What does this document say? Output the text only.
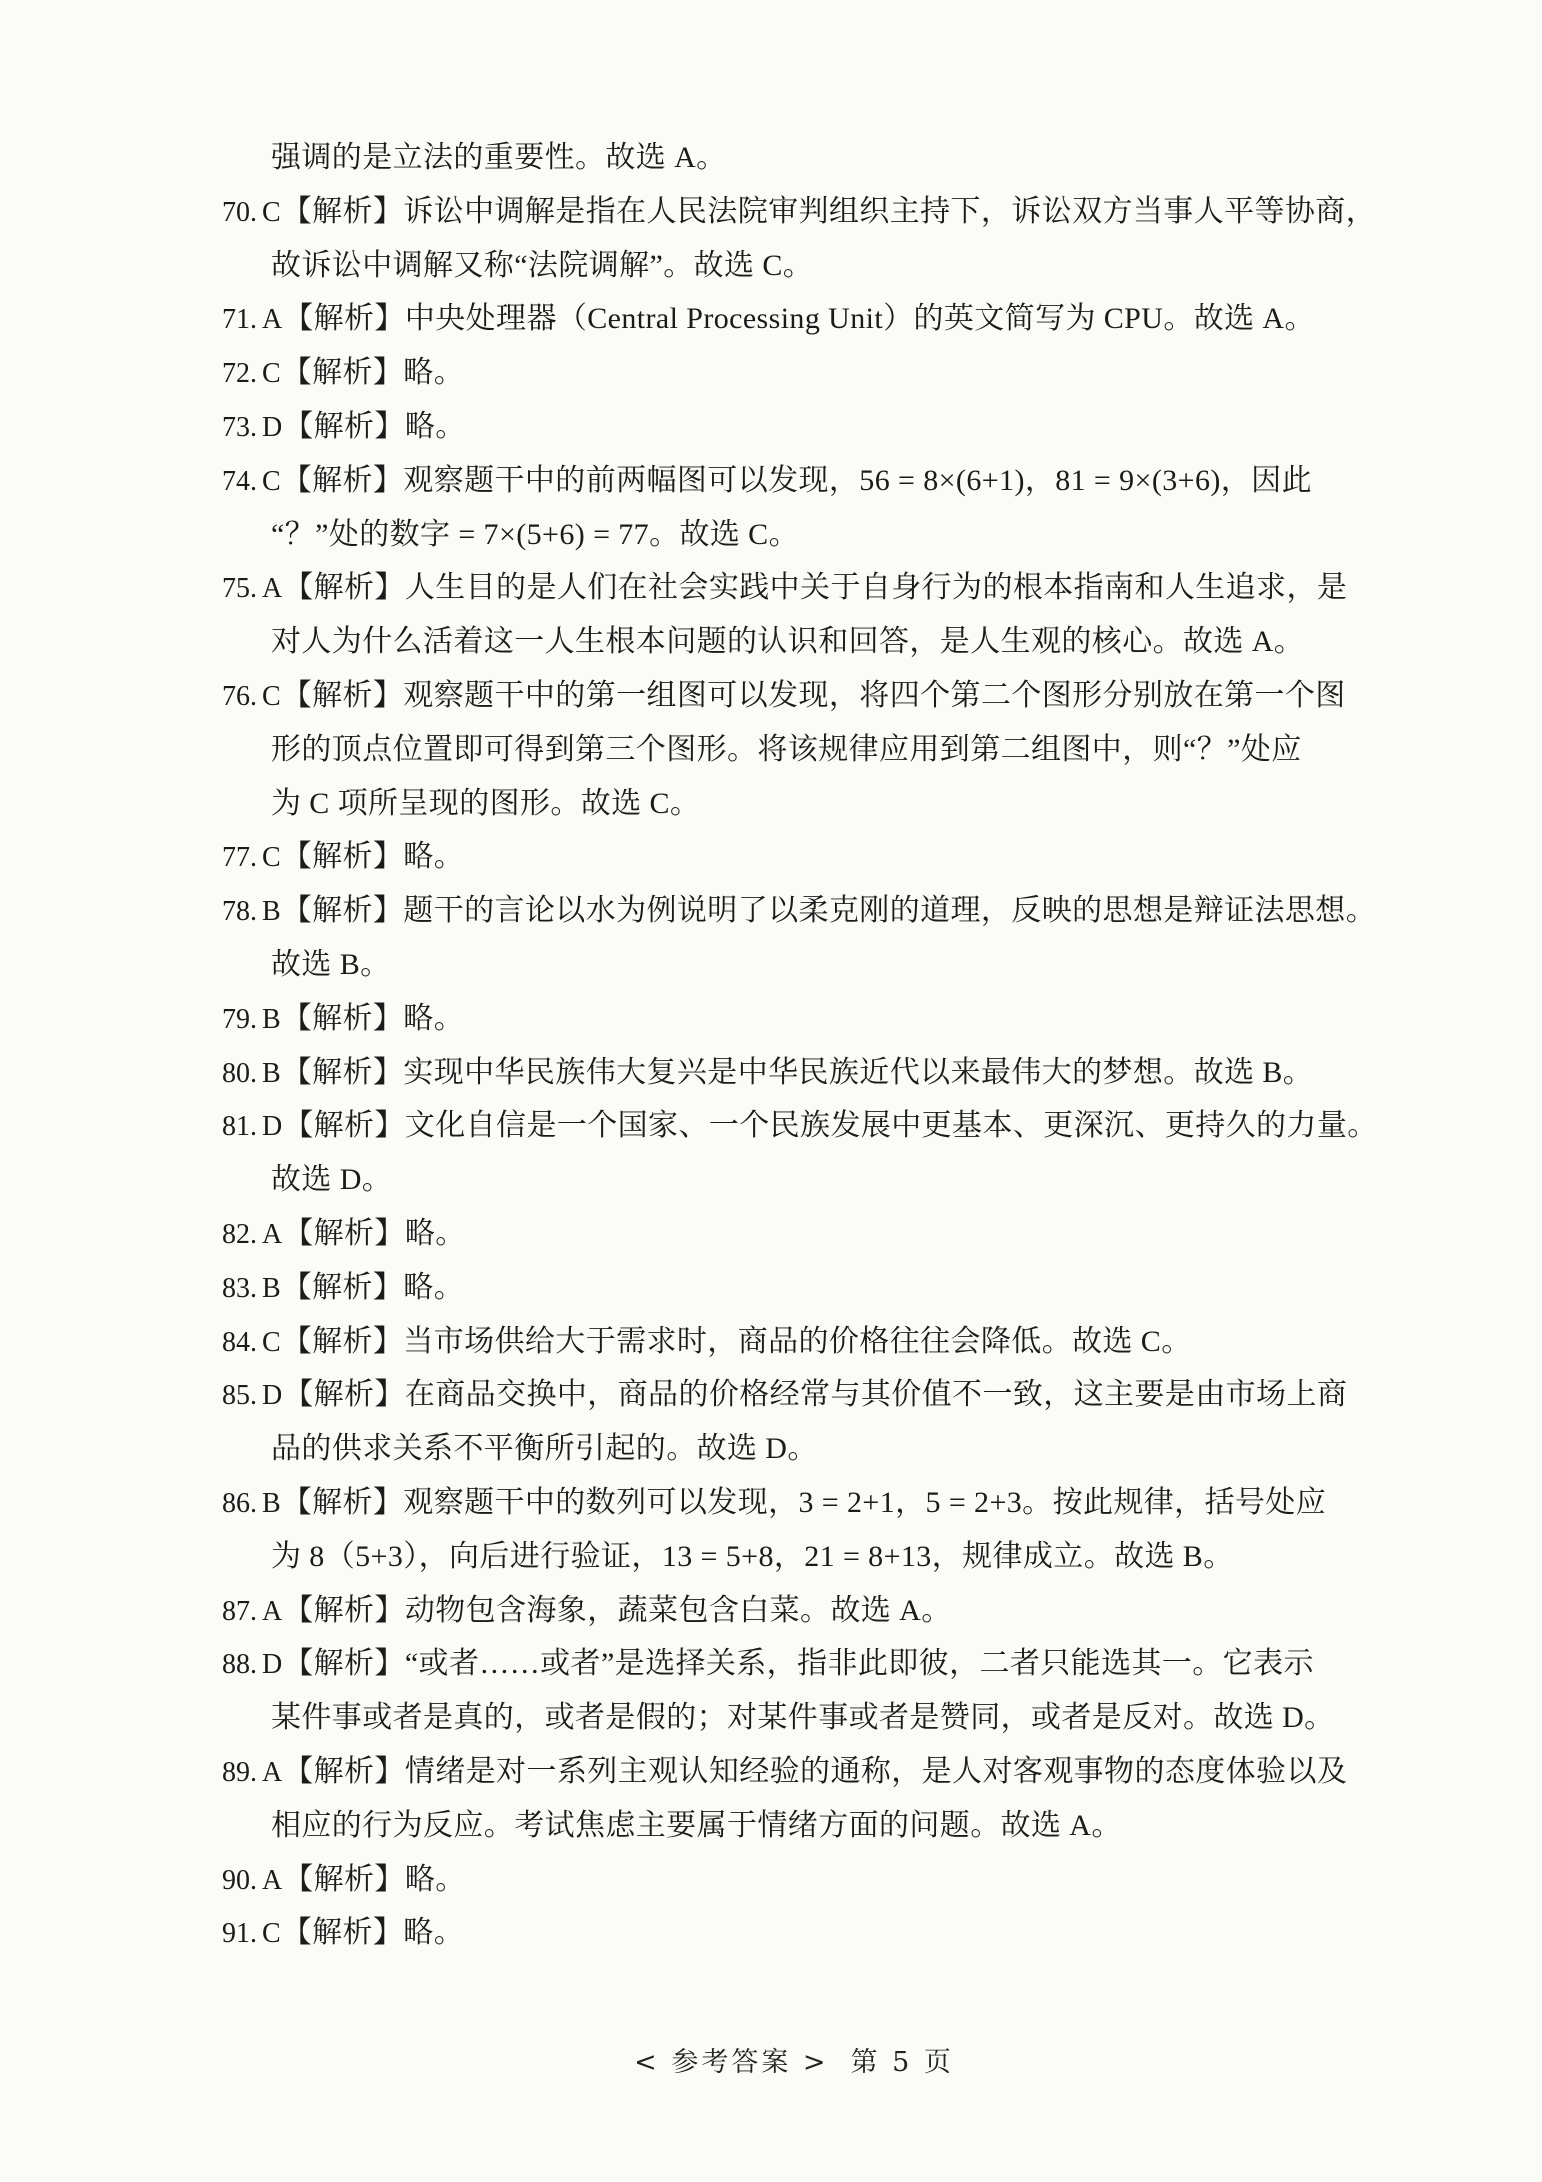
强调的是立法的重要性。故选 A。
70. C【解析】诉讼中调解是指在人民法院审判组织主持下，诉讼双方当事人平等协商，
故诉讼中调解又称“法院调解”。故选 C。
71. A【解析】中央处理器（Central Processing Unit）的英文简写为 CPU。故选 A。
72. C【解析】略。
73. D【解析】略。
74. C【解析】观察题干中的前两幅图可以发现，56 = 8×(6+1)，81 = 9×(3+6)，因此
“？”处的数字 = 7×(5+6) = 77。故选 C。
75. A【解析】人生目的是人们在社会实践中关于自身行为的根本指南和人生追求，是
对人为什么活着这一人生根本问题的认识和回答，是人生观的核心。故选 A。
76. C【解析】观察题干中的第一组图可以发现，将四个第二个图形分别放在第一个图
形的顶点位置即可得到第三个图形。将该规律应用到第二组图中，则“？”处应
为 C 项所呈现的图形。故选 C。
77. C【解析】略。
78. B【解析】题干的言论以水为例说明了以柔克刚的道理，反映的思想是辩证法思想。
故选 B。
79. B【解析】略。
80. B【解析】实现中华民族伟大复兴是中华民族近代以来最伟大的梦想。故选 B。
81. D【解析】文化自信是一个国家、一个民族发展中更基本、更深沉、更持久的力量。
故选 D。
82. A【解析】略。
83. B【解析】略。
84. C【解析】当市场供给大于需求时，商品的价格往往会降低。故选 C。
85. D【解析】在商品交换中，商品的价格经常与其价值不一致，这主要是由市场上商
品的供求关系不平衡所引起的。故选 D。
86. B【解析】观察题干中的数列可以发现，3 = 2+1，5 = 2+3。按此规律，括号处应
为 8（5+3），向后进行验证，13 = 5+8，21 = 8+13，规律成立。故选 B。
87. A【解析】动物包含海象，蔬菜包含白菜。故选 A。
88. D【解析】“或者……或者”是选择关系，指非此即彼，二者只能选其一。它表示
某件事或者是真的，或者是假的；对某件事或者是赞同，或者是反对。故选 D。
89. A【解析】情绪是对一系列主观认知经验的通称，是人对客观事物的态度体验以及
相应的行为反应。考试焦虑主要属于情绪方面的问题。故选 A。
90. A【解析】略。
91. C【解析】略。
< 参考答案 > 第 5 页
